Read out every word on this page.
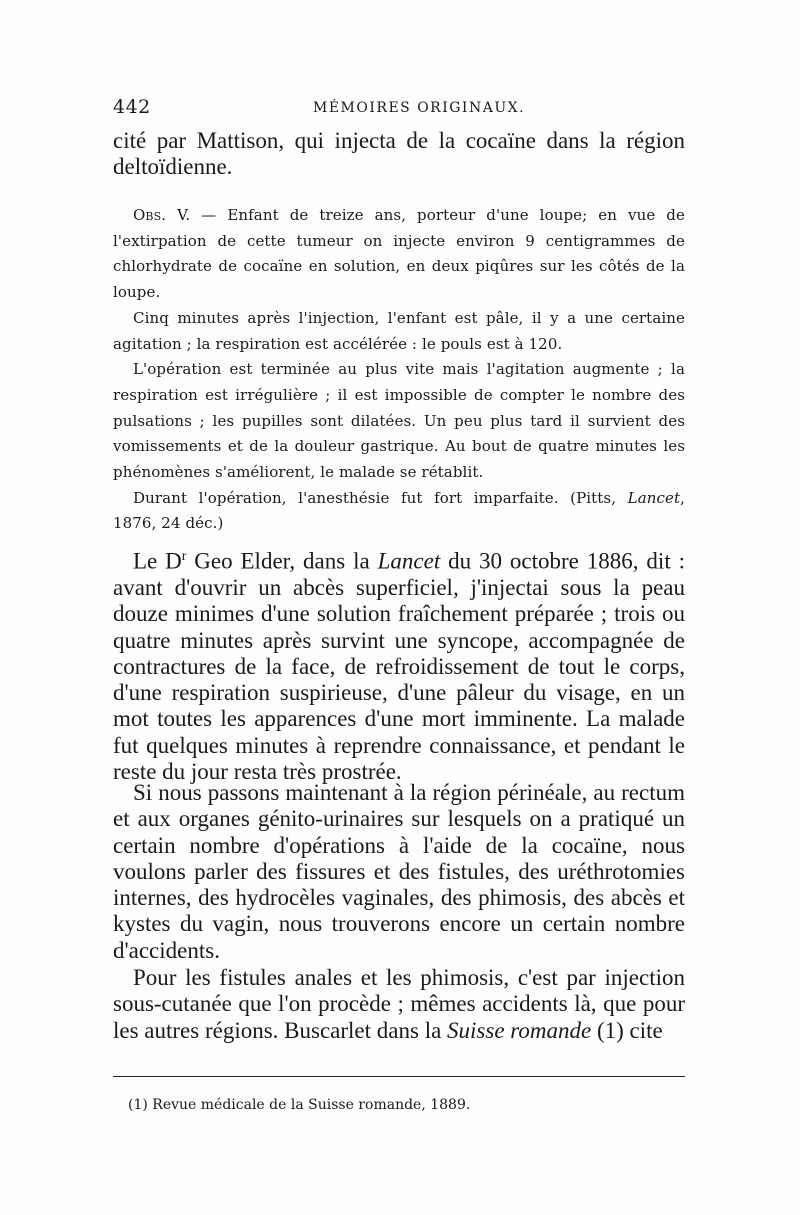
442	MÉMOIRES ORIGINAUX.

cité par Mattison, qui injecta de la cocaïne dans la région deltoïdienne.

Obs. V. — Enfant de treize ans, porteur d'une loupe; en vue de l'extirpation de cette tumeur on injecte environ 9 centigrammes de chlorhydrate de cocaïne en solution, en deux piqûres sur les côtés de la loupe.

Cinq minutes après l'injection, l'enfant est pâle, il y a une certaine agitation ; la respiration est accélérée : le pouls est à 120.

L'opération est terminée au plus vite mais l'agitation augmente ; la respiration est irrégulière ; il est impossible de compter le nombre des pulsations ; les pupilles sont dilatées. Un peu plus tard il survient des vomissements et de la douleur gastrique. Au bout de quatre minutes les phénomènes s'améliorent, le malade se rétablit.

Durant l'opération, l'anesthésie fut fort imparfaite. (Pitts, Lancet, 1876, 24 déc.)

Le $D^r$ Geo Elder, dans la Lancet du 30 octobre 1886, dit : avant d'ouvrir un abcès superficiel, j'injectai sous la peau douze minimes d'une solution fraîchement préparée ; trois ou quatre minutes après survint une syncope, accompagnée de contractures de la face, de refroidissement de tout le corps, d'une respiration suspirieuse, d'une pâleur du visage, en un mot toutes les apparences d'une mort imminente. La malade fut quelques minutes à reprendre connaissance, et pendant le reste du jour resta très prostrée.

Si nous passons maintenant à la région périnéale, au rectum et aux organes génito-urinaires sur lesquels on a pratiqué un certain nombre d'opérations à l'aide de la cocaïne, nous voulons parler des fissures et des fistules, des uréthrotomies internes, des hydrocèles vaginales, des phimosis, des abcès et kystes du vagin, nous trouverons encore un certain nombre d'accidents.

Pour les fistules anales et les phimosis, c'est par injection sous-cutanée que l'on procède ; mêmes accidents là, que pour les autres régions. Buscarlet dans la Suisse romande (1) cite

(1) Revue médicale de la Suisse romande, 1889.
